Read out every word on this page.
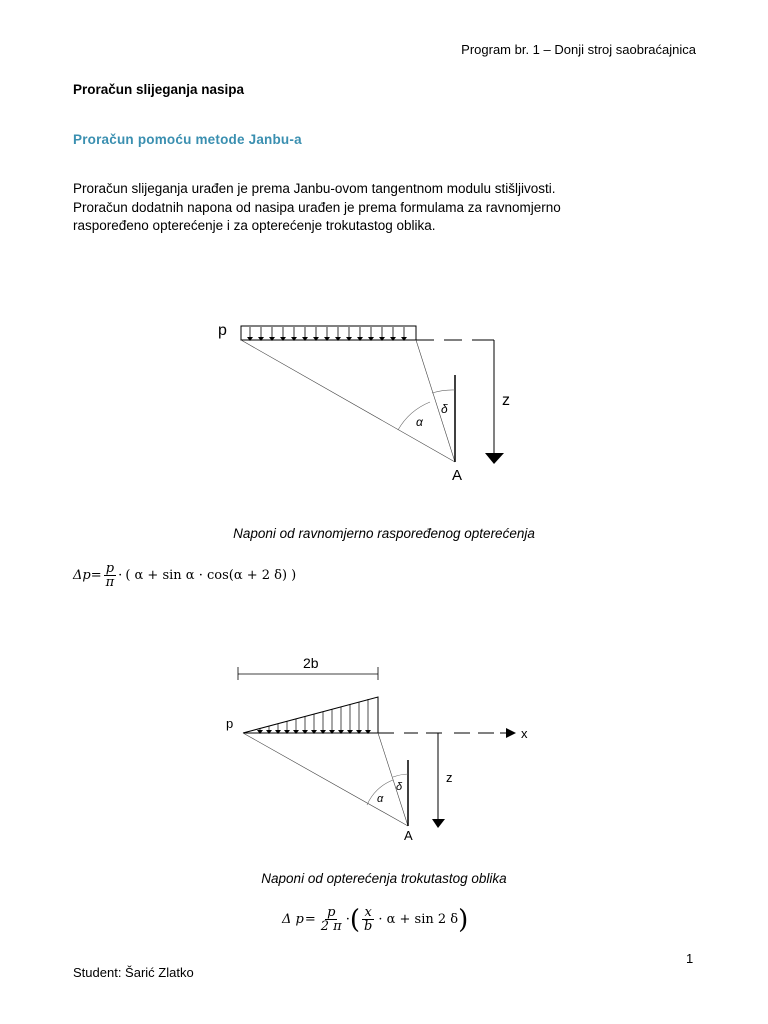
Program br. 1 – Donji stroj saobraćajnica
Proračun slijeganja nasipa
Proračun pomoću metode Janbu-a
Proračun slijeganja urađen je prema Janbu-ovom tangentnom modulu stišljivosti.
Proračun dodatnih napona od nasipa urađen je prema formulama za ravnomjerno
raspoređeno opterećenje i za opterećenje trokutastog oblika.
p
z
A
α
δ
Naponi od ravnomjerno raspoređenog opterećenja
$\Delta p = \frac{p}{\pi}$ · ( α + sin α · cos(α + 2 δ) )
2b
x
z
p
A
α
δ
Naponi od opterećenja trokutastog oblika
Δ $p = \frac{p}{2 \pi}$ · ( $\frac{x}{b} \cdot \alpha + \sin 2$ δ )
1
Student: Šarić Zlatko
